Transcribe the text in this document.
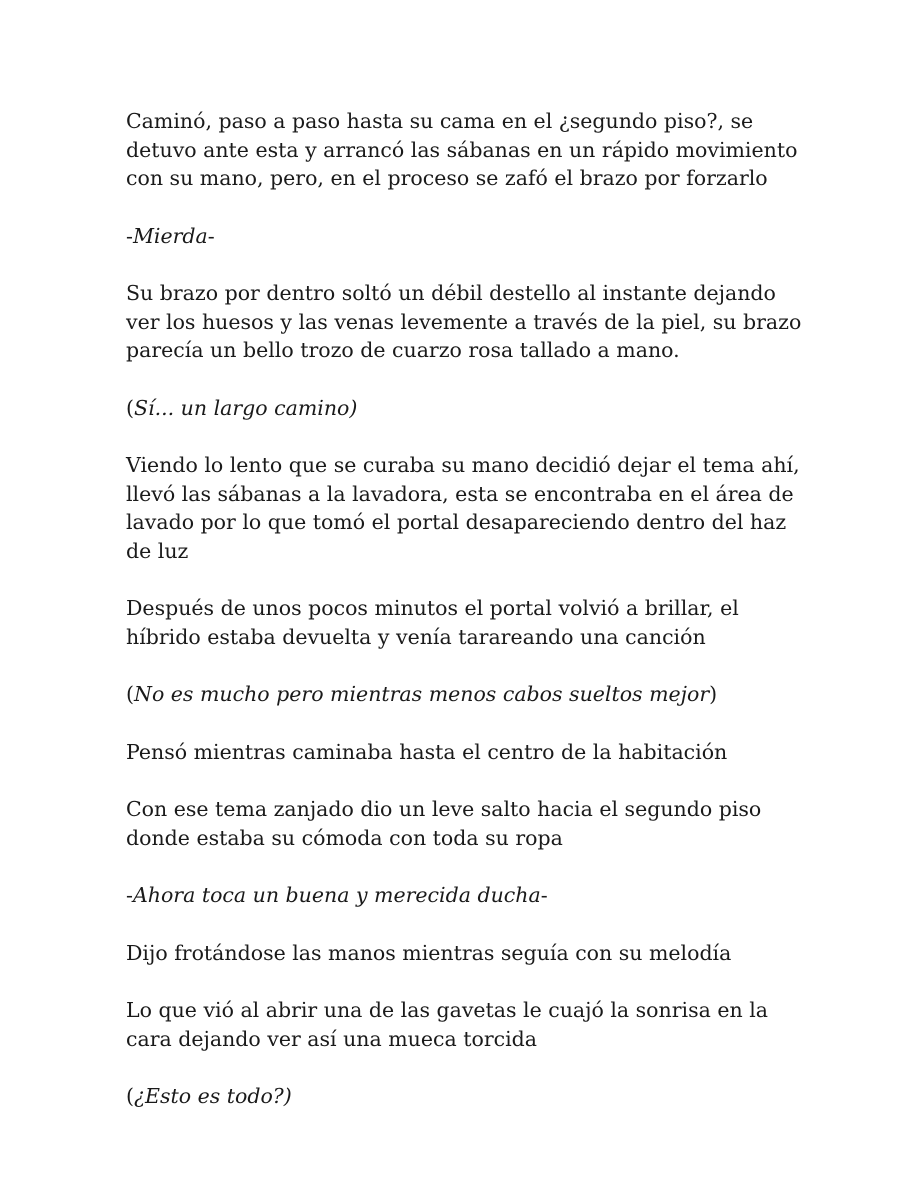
Caminó, paso a paso hasta su cama en el ¿segundo piso?, se
detuvo ante esta y arrancó las sábanas en un rápido movimiento
con su mano, pero, en el proceso se zafó el brazo por forzarlo

-Mierda-

Su brazo por dentro soltó un débil destello al instante dejando
ver los huesos y las venas levemente a través de la piel, su brazo
parecía un bello trozo de cuarzo rosa tallado a mano.

(Sí... un largo camino)

Viendo lo lento que se curaba su mano decidió dejar el tema ahí,
llevó las sábanas a la lavadora, esta se encontraba en el área de
lavado por lo que tomó el portal desapareciendo dentro del haz
de luz

Después de unos pocos minutos el portal volvió a brillar, el
híbrido estaba devuelta y venía tarareando una canción

(No es mucho pero mientras menos cabos sueltos mejor)

Pensó mientras caminaba hasta el centro de la habitación

Con ese tema zanjado dio un leve salto hacia el segundo piso
donde estaba su cómoda con toda su ropa

-Ahora toca un buena y merecida ducha-

Dijo frotándose las manos mientras seguía con su melodía

Lo que vió al abrir una de las gavetas le cuajó la sonrisa en la
cara dejando ver así una mueca torcida

(¿Esto es todo?)
